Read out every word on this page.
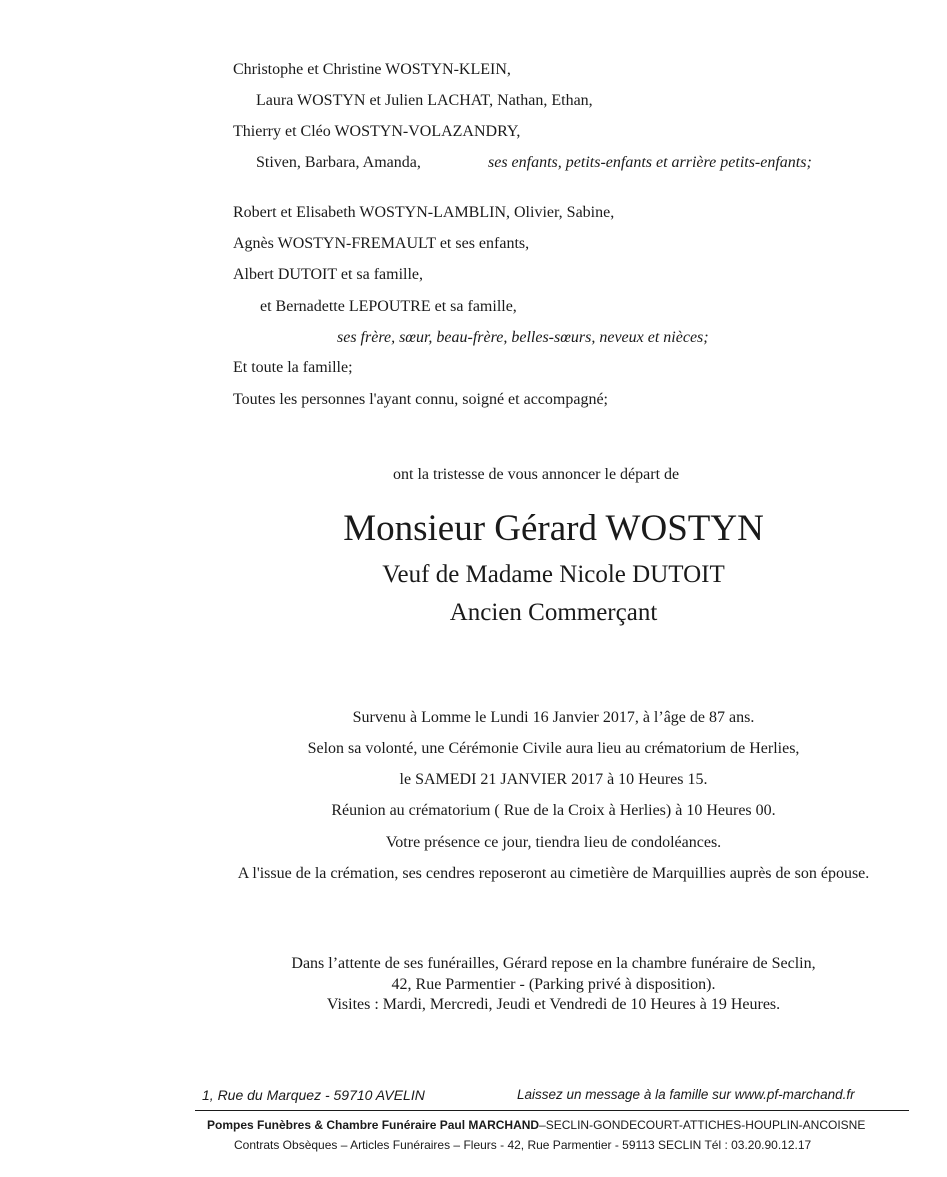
Christophe et Christine WOSTYN-KLEIN,
Laura WOSTYN et Julien LACHAT, Nathan, Ethan,
Thierry et Cléo WOSTYN-VOLAZANDRY,
Stiven, Barbara, Amanda,	ses enfants, petits-enfants et arrière petits-enfants;
Robert et Elisabeth WOSTYN-LAMBLIN, Olivier, Sabine,
Agnès WOSTYN-FREMAULT et ses enfants,
Albert DUTOIT et sa famille,
et Bernadette LEPOUTRE et sa famille,
ses frère, sœur, beau-frère, belles-sœurs, neveux et nièces;
Et toute la famille;
Toutes les personnes l'ayant connu, soigné et accompagné;
ont la tristesse de vous annoncer le départ de
Monsieur Gérard WOSTYN
Veuf de Madame Nicole DUTOIT
Ancien Commerçant
Survenu à Lomme le Lundi 16 Janvier 2017, à l’âge de 87 ans.
Selon sa volonté, une Cérémonie Civile aura lieu au crématorium de Herlies,
le SAMEDI 21 JANVIER 2017 à 10 Heures 15.
Réunion au crématorium ( Rue de la Croix à Herlies) à 10 Heures 00.
Votre présence ce jour, tiendra lieu de condoléances.
A l'issue de la crémation, ses cendres reposeront au cimetière de Marquillies auprès de son épouse.
Dans l’attente de ses funérailles, Gérard repose en la chambre funéraire de Seclin,
42, Rue Parmentier - (Parking privé à disposition).
Visites : Mardi, Mercredi, Jeudi et Vendredi de 10 Heures à 19 Heures.
1, Rue du Marquez - 59710 AVELIN	Laissez un message à la famille sur www.pf-marchand.fr
Pompes Funèbres & Chambre Funéraire Paul MARCHAND–SECLIN-GONDECOURT-ATTICHES-HOUPLIN-ANCOISNE
Contrats Obsèques – Articles Funéraires – Fleurs - 42, Rue Parmentier - 59113 SECLIN Tél : 03.20.90.12.17
